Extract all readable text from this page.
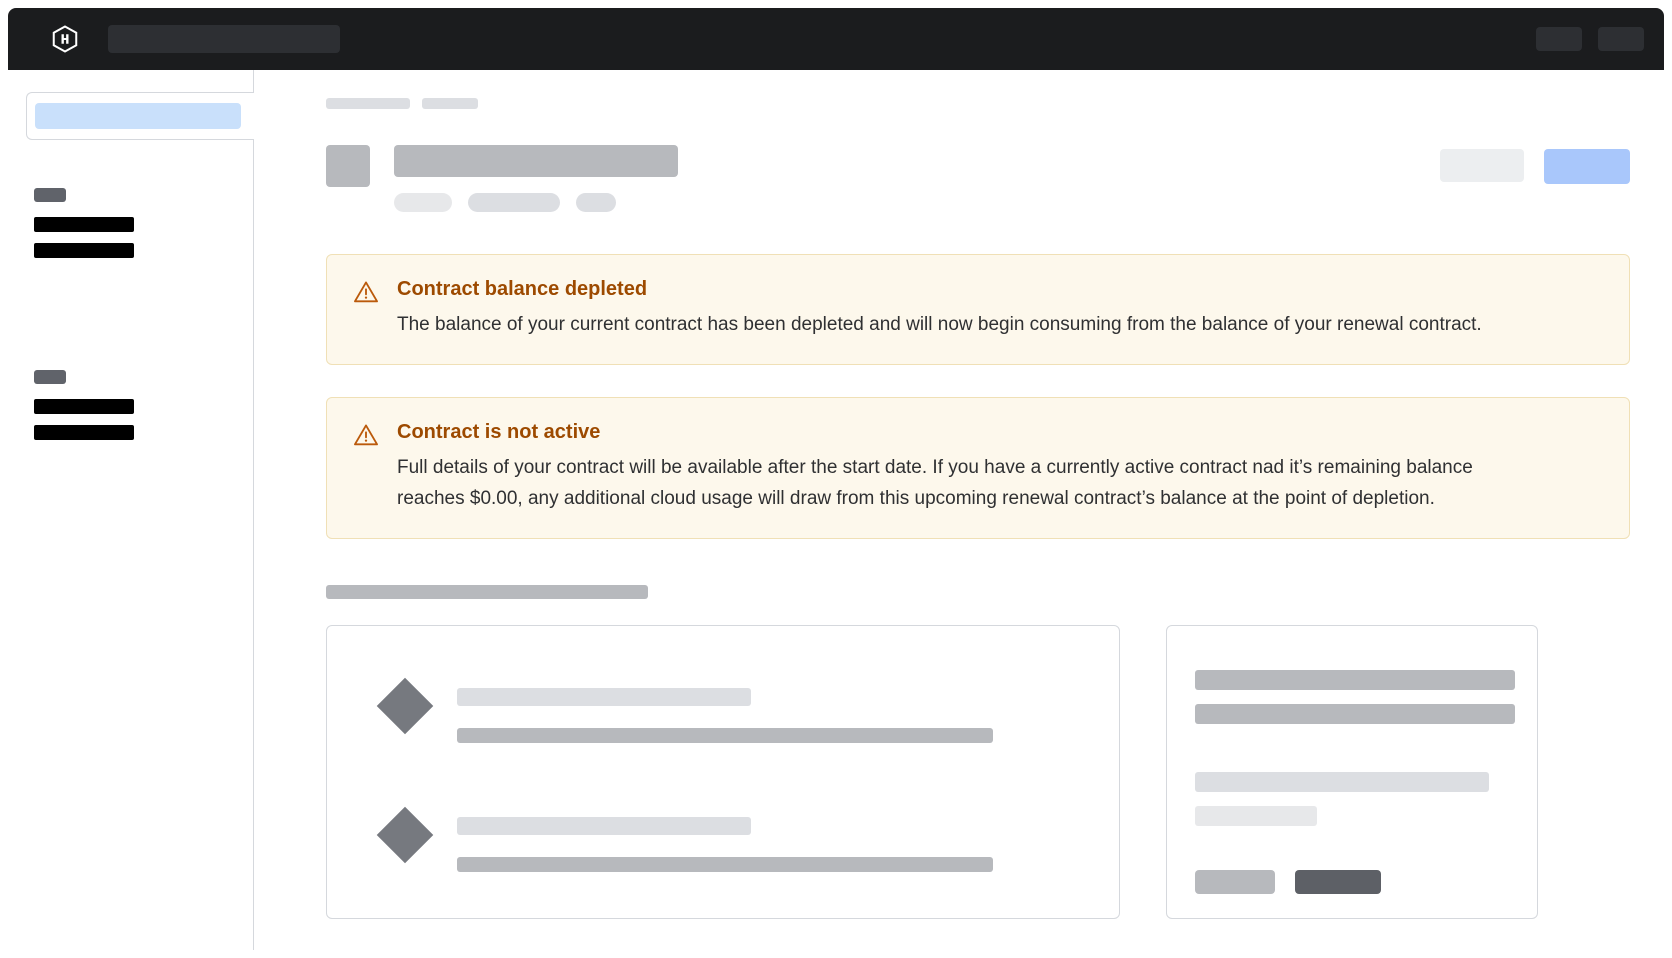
Contract balance depleted

The balance of your current contract has been depleted and will now begin consuming from the balance of your renewal contract.

Contract is not active

Full details of your contract will be available after the start date. If you have a currently active contract nad it’s remaining balance reaches $0.00, any additional cloud usage will draw from this upcoming renewal contract’s balance at the point of depletion.
